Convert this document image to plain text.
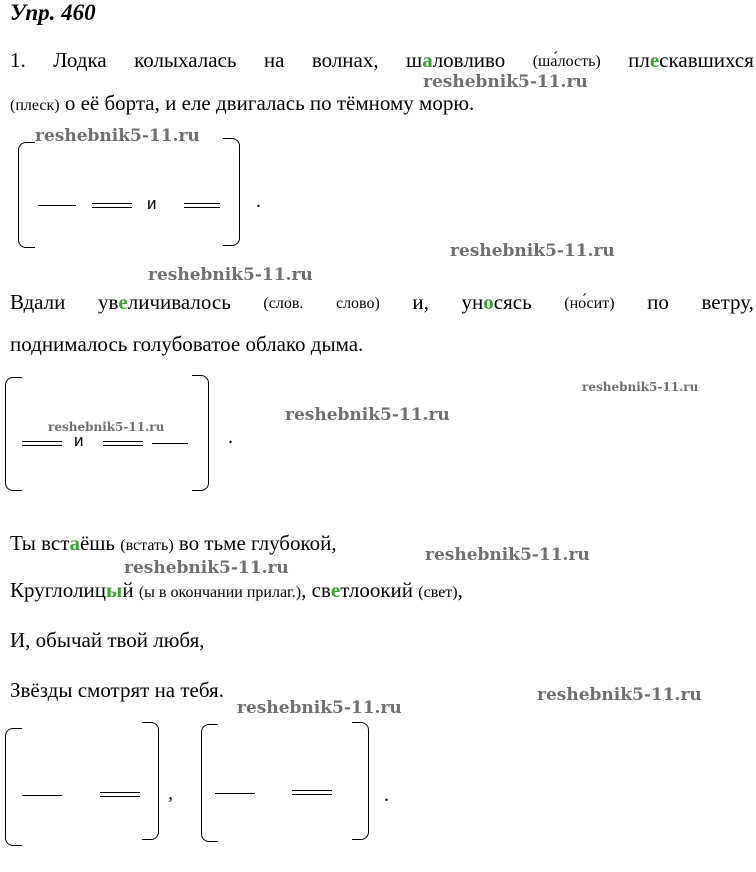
Упр. 460
1. Лодка колыхалась на волнах, шаловливо (ша́лость) плескавшихся
(плеск) о её борта, и еле двигалась по тёмному морю.
и	.
Вдали увеличивалось (слов. слово) и, уносясь (но́сит) по ветру,
поднималось голубоватое облако дыма.
и	.
Ты встаёшь (встать) во тьме глубокой,
Круглолицый (ы в окончании прилаг.), светлоокий (свет),
И, обычай твой любя,
Звёзды смотрят на тебя.
,	.
reshebnik5-11.ru
reshebnik5-11.ru
reshebnik5-11.ru
reshebnik5-11.ru
reshebnik5-11.ru
reshebnik5-11.ru
reshebnik5-11.ru
reshebnik5-11.ru
reshebnik5-11.ru
reshebnik5-11.ru
reshebnik5-11.ru
